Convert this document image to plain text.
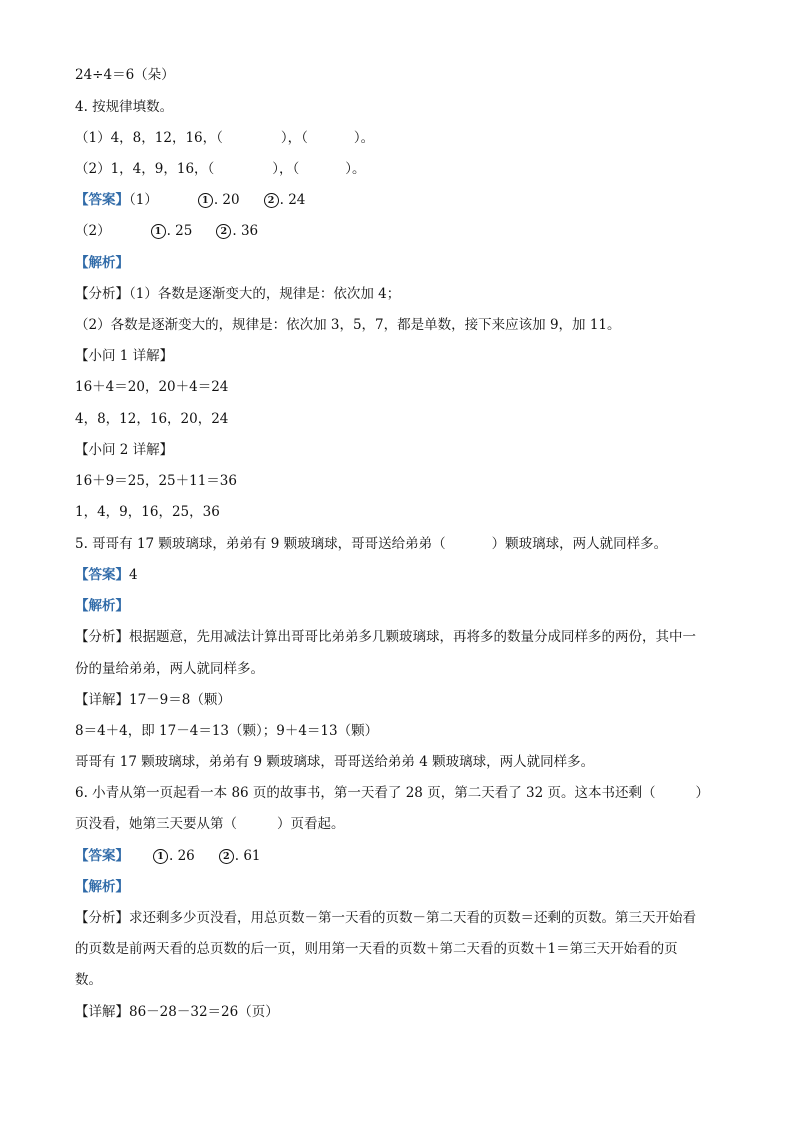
24÷4＝6（朵）
4. 按规律填数。
（1）4，8，12，16，（	），（	）。
（2）1，4，9，16，（	），（	）。
【答案】（1）	1 . 20	2 . 24
（2）	1 . 25	2 . 36
【解析】
【分析】（1）各数是逐渐变大的，规律是：依次加 4；
（2）各数是逐渐变大的，规律是：依次加 3，5，7，都是单数，接下来应该加 9，加 11。
【小问 1 详解】
16＋4＝20，20＋4＝24
4，8，12，16，20，24
【小问 2 详解】
16＋9＝25，25＋11＝36
1，4，9，16，25，36
5. 哥哥有 17 颗玻璃球，弟弟有 9 颗玻璃球，哥哥送给弟弟（	）颗玻璃球，两人就同样多。
【答案】4
【解析】
【分析】根据题意，先用减法计算出哥哥比弟弟多几颗玻璃球，再将多的数量分成同样多的两份，其中一
份的量给弟弟，两人就同样多。
【详解】17－9＝8（颗）
8＝4＋4，即 17－4＝13（颗）；9＋4＝13（颗）
哥哥有 17 颗玻璃球，弟弟有 9 颗玻璃球，哥哥送给弟弟 4 颗玻璃球，两人就同样多。
6. 小青从第一页起看一本 86 页的故事书，第一天看了 28 页，第二天看了 32 页。这本书还剩（	）
页没看，她第三天要从第（	）页看起。
【答案】	1 . 26	2 . 61
【解析】
【分析】求还剩多少页没看，用总页数－第一天看的页数－第二天看的页数＝还剩的页数。第三天开始看
的页数是前两天看的总页数的后一页，则用第一天看的页数＋第二天看的页数＋1＝第三天开始看的页
数。
【详解】86－28－32＝26（页）
